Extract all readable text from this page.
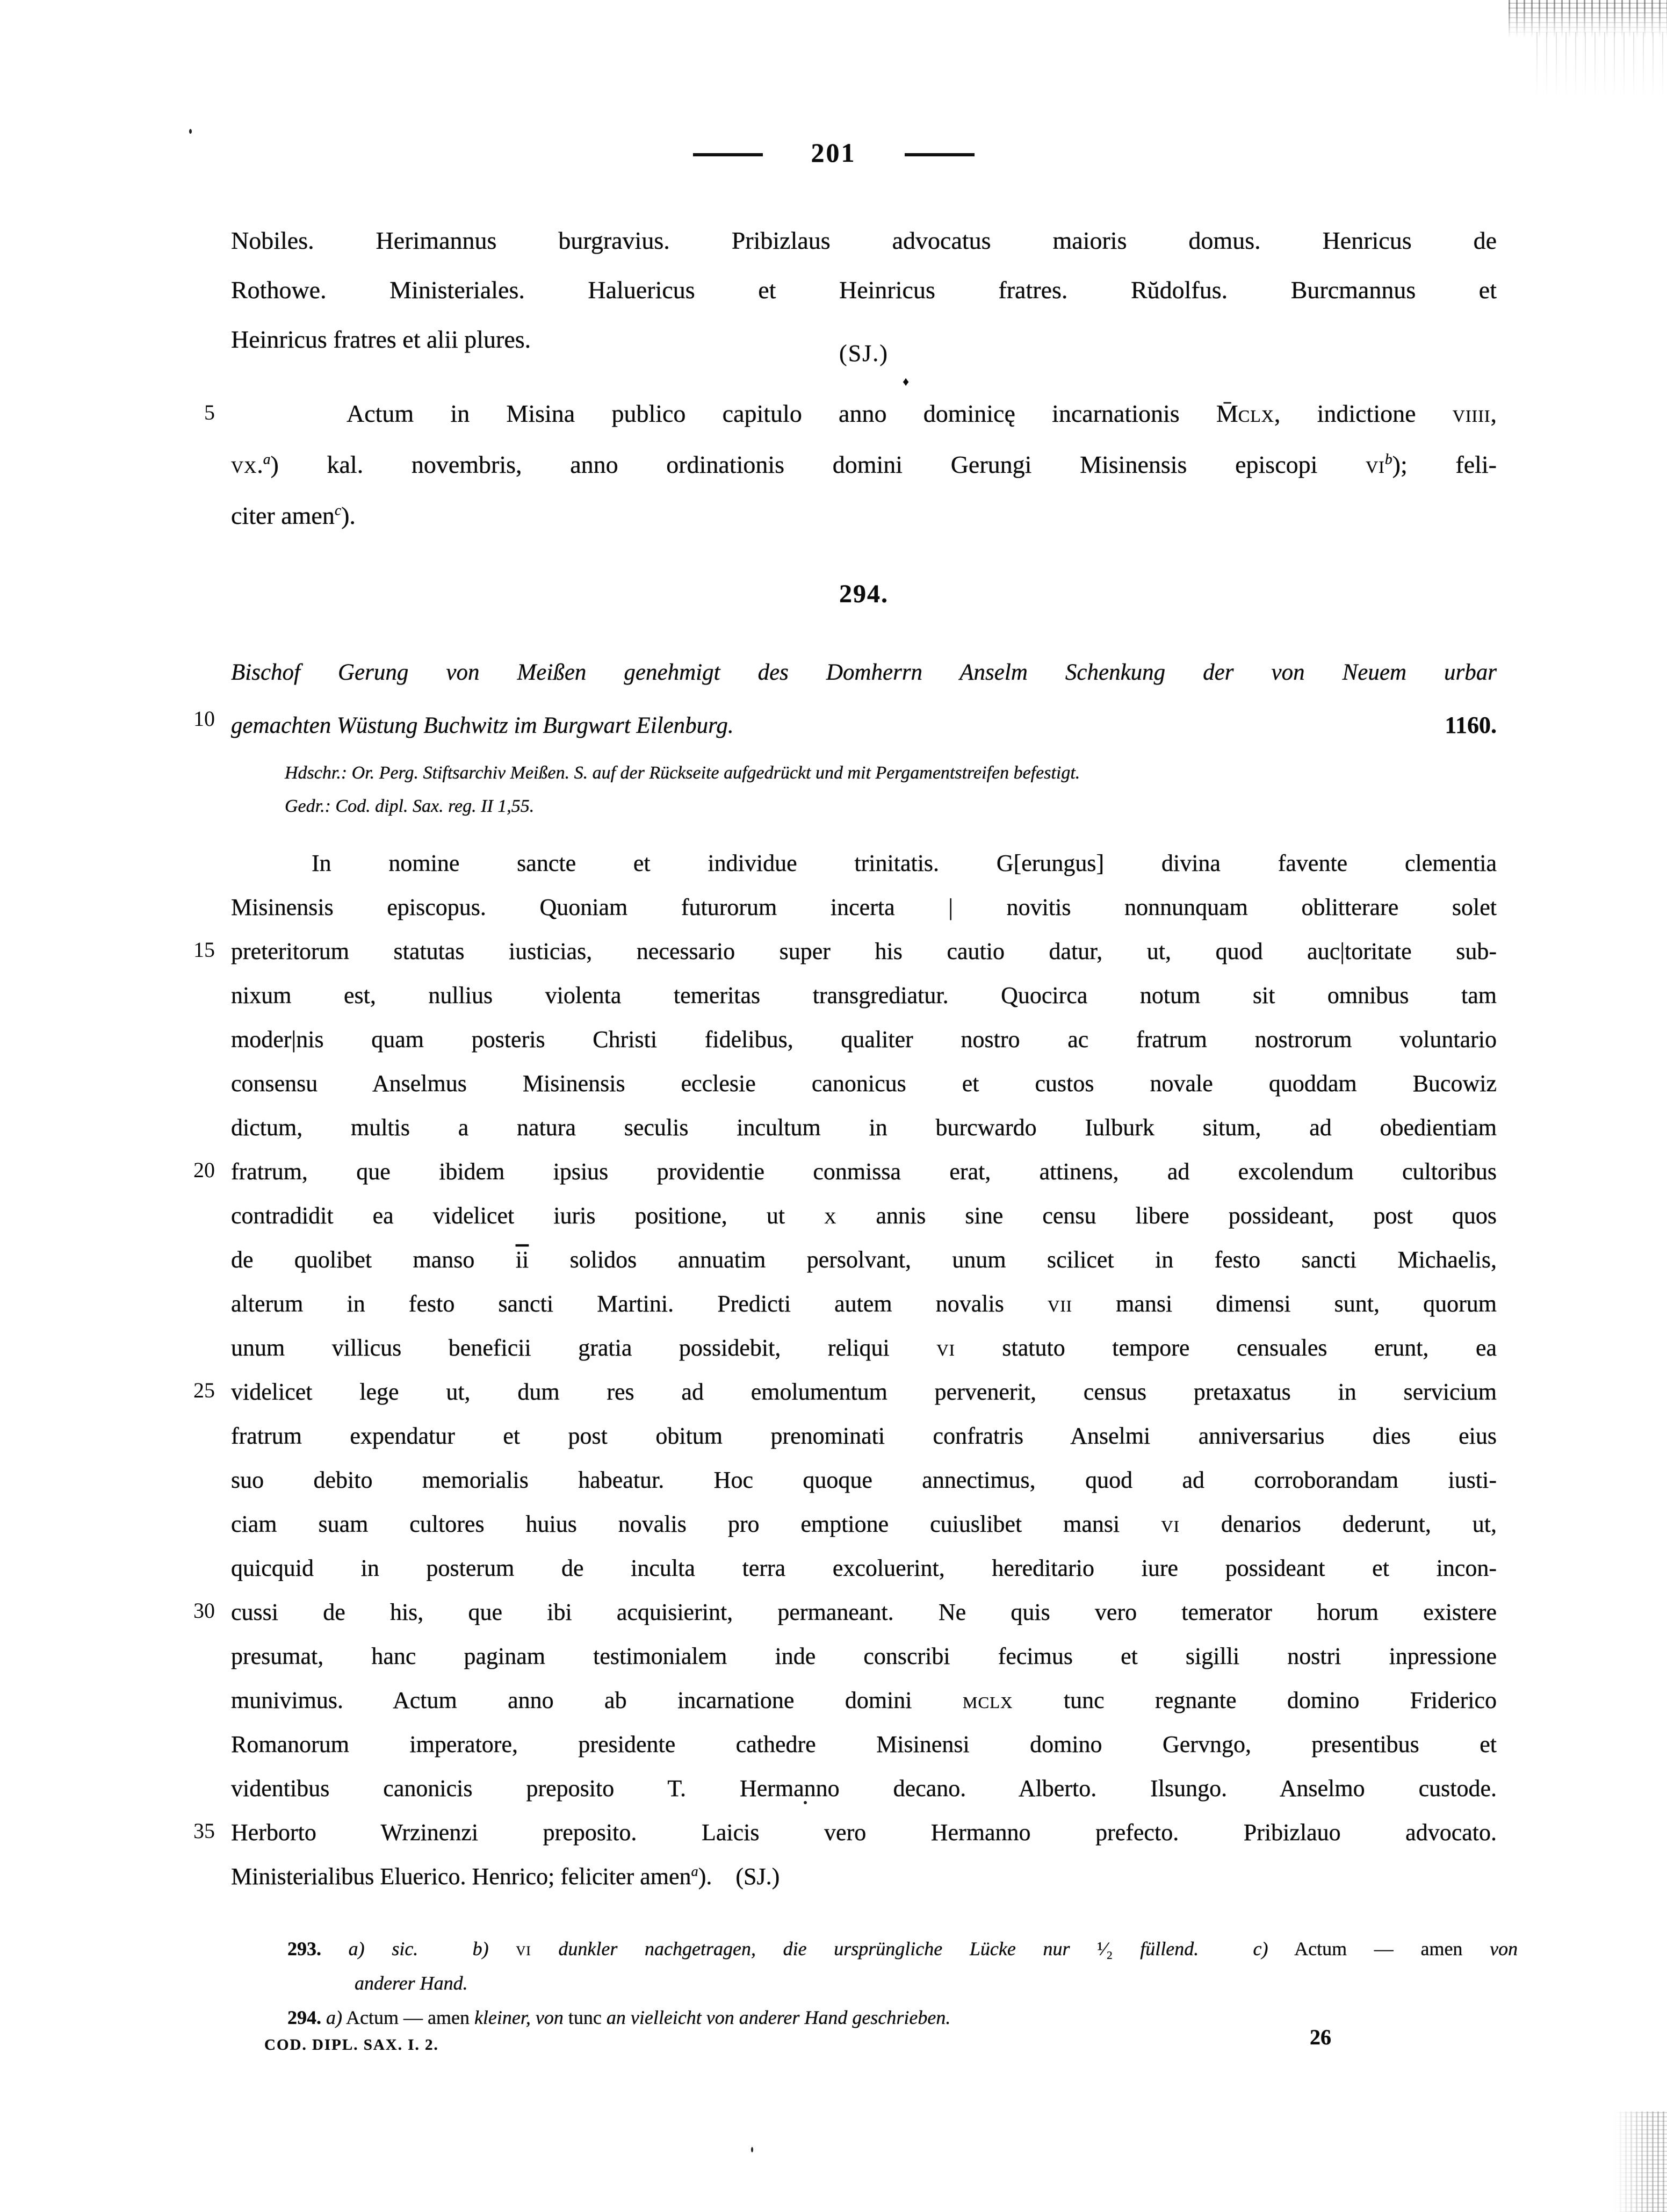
201
5
10
15
20
25
30
35
Nobiles. Herimannus burgravius. Pribizlaus advocatus maioris domus. Henricus de
Rothowe. Ministeriales. Haluericus et Heinricus fratres. Rŭdolfus. Burcmannus et
Heinricus fratres et alii plures.
(SJ.)
♦
Actum in Misina publico capitulo anno dominicę incarnationis M̄clx, indictione viiii,
vx.$^a$) kal. novembris, anno ordinationis domini Gerungi Misinensis episcopi $vi^b$); feli-
citer amen$^c$).
294.
Bischof Gerung von Meißen genehmigt des Domherrn Anselm Schenkung der von Neuem urbar
gemachten Wüstung Buchwitz im Burgwart Eilenburg.	1160.
Hdschr.: Or. Perg. Stiftsarchiv Meißen. S. auf der Rückseite aufgedrückt und mit Pergamentstreifen befestigt.
Gedr.: Cod. dipl. Sax. reg. II 1,55.
In nomine sancte et individue trinitatis. G[erungus] divina favente clementia
Misinensis episcopus. Quoniam futurorum incerta | novitis nonnunquam oblitterare solet
preteritorum statutas iusticias, necessario super his cautio datur, ut, quod auc|toritate sub-
nixum est, nullius violenta temeritas transgrediatur. Quocirca notum sit omnibus tam
moder|nis quam posteris Christi fidelibus, qualiter nostro ac fratrum nostrorum voluntario
consensu Anselmus Misinensis ecclesie canonicus et custos novale quoddam Bucowiz
dictum, multis a natura seculis incultum in burcwardo Iulburk situm, ad obedientiam
fratrum, que ibidem ipsius providentie conmissa erat, attinens, ad excolendum cultoribus
contradidit ea videlicet iuris positione, ut x annis sine censu libere possideant, post quos
de quolibet manso $\overline{ii}$ solidos annuatim persolvant, unum scilicet in festo sancti Michaelis,
alterum in festo sancti Martini. Predicti autem novalis vii mansi dimensi sunt, quorum
unum villicus beneficii gratia possidebit, reliqui vi statuto tempore censuales erunt, ea
videlicet lege ut, dum res ad emolumentum pervenerit, census pretaxatus in servicium
fratrum expendatur et post obitum prenominati confratris Anselmi anniversarius dies eius
suo debito memorialis habeatur. Hoc quoque annectimus, quod ad corroborandam iusti-
ciam suam cultores huius novalis pro emptione cuiuslibet mansi vi denarios dederunt, ut,
quicquid in posterum de inculta terra excoluerint, hereditario iure possideant et incon-
cussi de his, que ibi acquisierint, permaneant. Ne quis vero temerator horum existere
presumat, hanc paginam testimonialem inde conscribi fecimus et sigilli nostri inpressione
munivimus. Actum anno ab incarnatione domini mclx tunc regnante domino Friderico
Romanorum imperatore, presidente cathedre Misinensi domino Gervngo, presentibus et
videntibus canonicis preposito T. Hermanno decano. Alberto. Ilsungo. Anselmo custode.
Herborto Wrzinenzi preposito. Laicis vero Hermanno prefecto. Pribizlauo advocato.
Ministerialibus Eluerico. Henrico; feliciter amen$^a$).    (SJ.)
293. a) sic.	b) vi dunkler nachgetragen, die ursprüngliche Lücke nur ¹⁄₂ füllend.	c) Actum — amen von
anderer Hand.
294. a) Actum — amen kleiner, von tunc an vielleicht von anderer Hand geschrieben.
COD. DIPL. SAX. I. 2.	26
